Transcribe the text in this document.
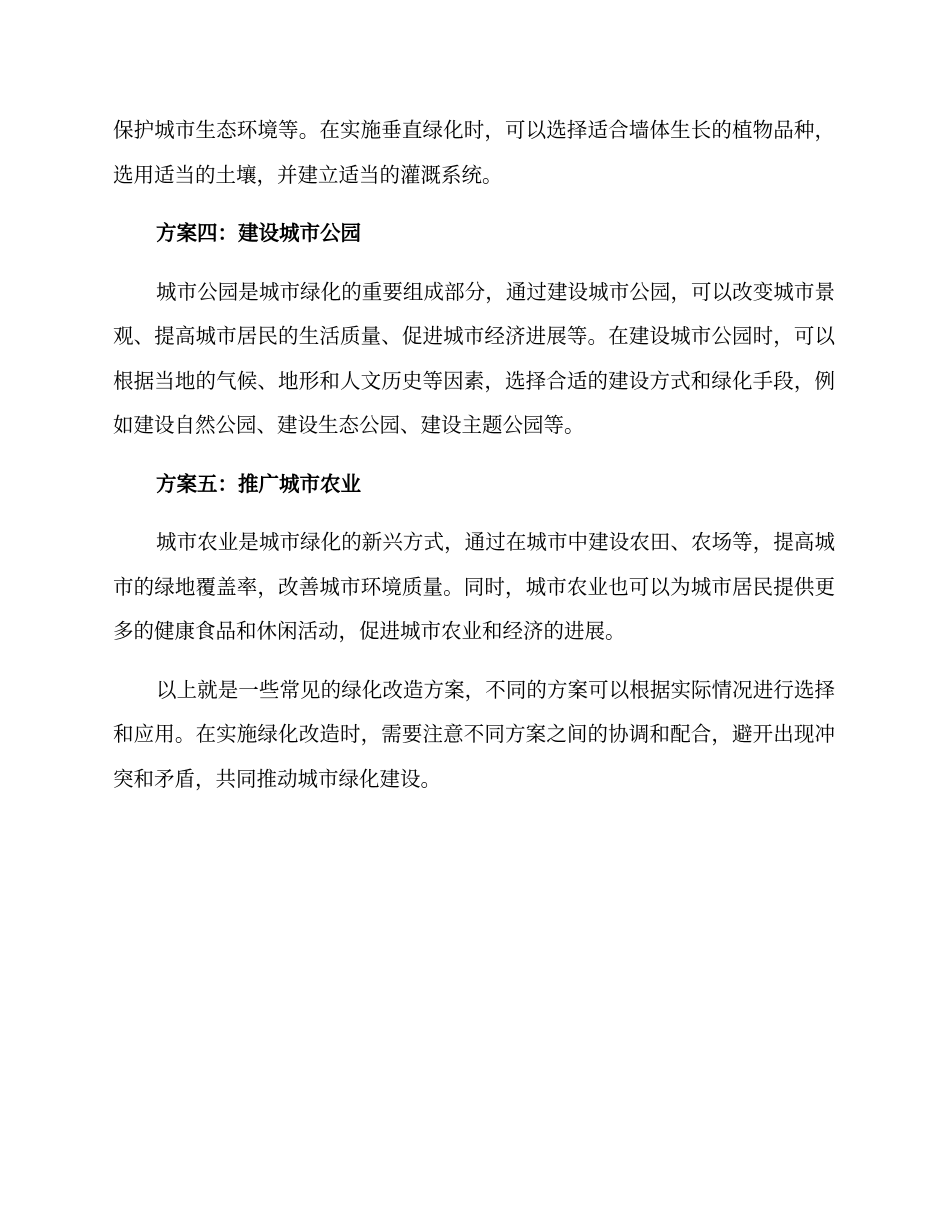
保护城市生态环境等。在实施垂直绿化时，可以选择适合墙体生长的植物品种，选用适当的土壤，并建立适当的灌溉系统。

方案四：建设城市公园

城市公园是城市绿化的重要组成部分，通过建设城市公园，可以改变城市景观、提高城市居民的生活质量、促进城市经济进展等。在建设城市公园时，可以根据当地的气候、地形和人文历史等因素，选择合适的建设方式和绿化手段，例如建设自然公园、建设生态公园、建设主题公园等。

方案五：推广城市农业

城市农业是城市绿化的新兴方式，通过在城市中建设农田、农场等，提高城市的绿地覆盖率，改善城市环境质量。同时，城市农业也可以为城市居民提供更多的健康食品和休闲活动，促进城市农业和经济的进展。

以上就是一些常见的绿化改造方案，不同的方案可以根据实际情况进行选择和应用。在实施绿化改造时，需要注意不同方案之间的协调和配合，避开出现冲突和矛盾，共同推动城市绿化建设。
